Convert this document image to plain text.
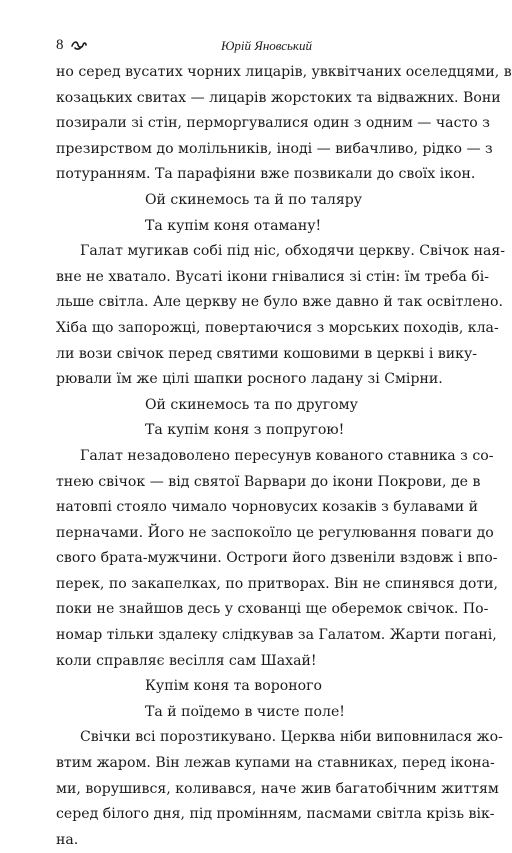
8	Юрій Яновський
но серед вусатих чорних лицарів, увквітчаних оселедцями, в
козацьких свитах — лицарів жорстоких та відважних. Вони
позирали зі стін, перморгувалися один з одним — часто з
презирством до молільників, іноді — вибачливо, рідко — з
потуранням. Та парафіяни вже позвикали до своїх ікон.
Ой скинемось та й по таляру
Та купім коня отаману!
Галат мугикав собі під ніс, обходячи церкву. Свічок ная-
вне не хватало. Вусаті ікони гнівалися зі стін: їм треба бі-
льше світла. Але церкву не було вже давно й так освітлено.
Хіба що запорожці, повертаючися з морських походів, кла-
ли вози свічок перед святими кошовими в церкві і вику-
рювали їм же цілі шапки росного ладану зі Смірни.
Ой скинемось та по другому
Та купім коня з попругою!
Галат незадоволено пересунув кованого ставника з со-
тнею свічок — від святої Варвари до ікони Покрови, де в
натовпі стояло чимало чорновусих козаків з булавами й
перначами. Його не заспокоїло це регулювання поваги до
свого брата-мужчини. Остроги його дзвеніли вздовж і впо-
перек, по закапелках, по притворах. Він не спинявся доти,
поки не знайшов десь у схованці ще оберемок свічок. По-
номар тільки здалеку слідкував за Галатом. Жарти погані,
коли справляє весілля сам Шахай!
Купім коня та вороного
Та й поїдемо в чисте поле!
Свічки всі порозтикувано. Церква ніби виповнилася жо-
втим жаром. Він лежав купами на ставниках, перед ікона-
ми, ворушився, коливався, наче жив багатобічним життям
серед білого дня, під промінням, пасмами світла крізь вік-
на.
